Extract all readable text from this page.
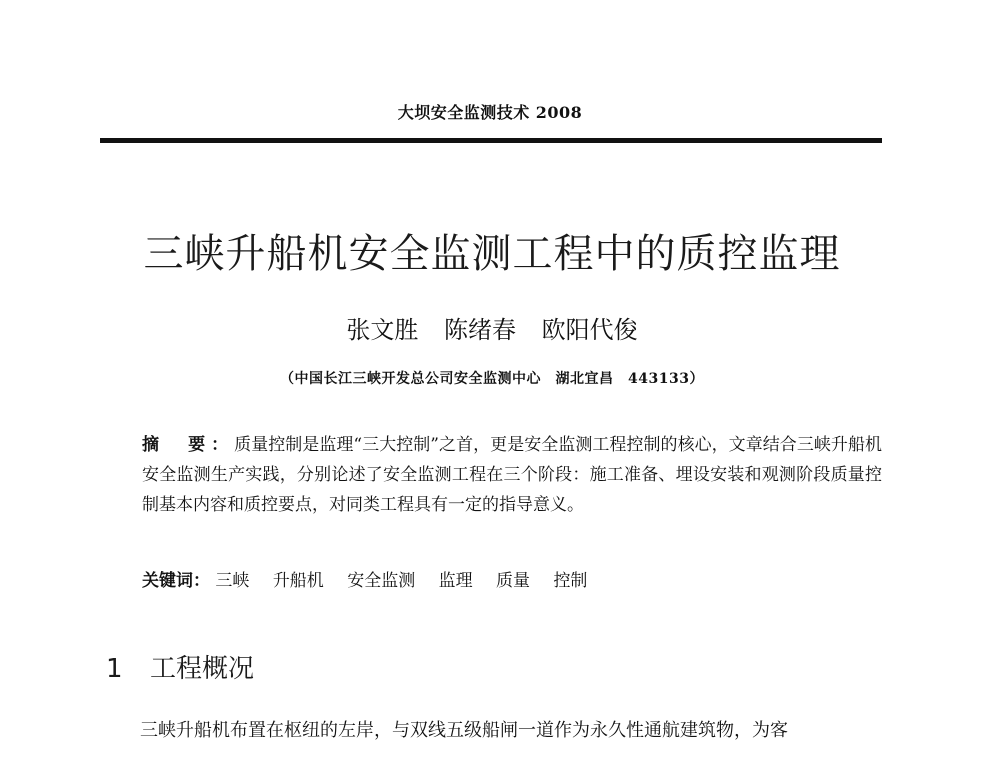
大坝安全监测技术 2008
三峡升船机安全监测工程中的质控监理
张文胜 陈绪春 欧阳代俊
（中国长江三峡开发总公司安全监测中心　湖北宜昌　443133）
摘　要：质量控制是监理“三大控制”之首，更是安全监测工程控制的核心，文章结合三峡升船机安全监测生产实践，分别论述了安全监测工程在三个阶段：施工准备、埋设安装和观测阶段质量控制基本内容和质控要点，对同类工程具有一定的指导意义。
关键词： 三峡 升船机 安全监测 监理 质量 控制
1 工程概况
三峡升船机布置在枢纽的左岸，与双线五级船闸一道作为永久性通航建筑物，为客
